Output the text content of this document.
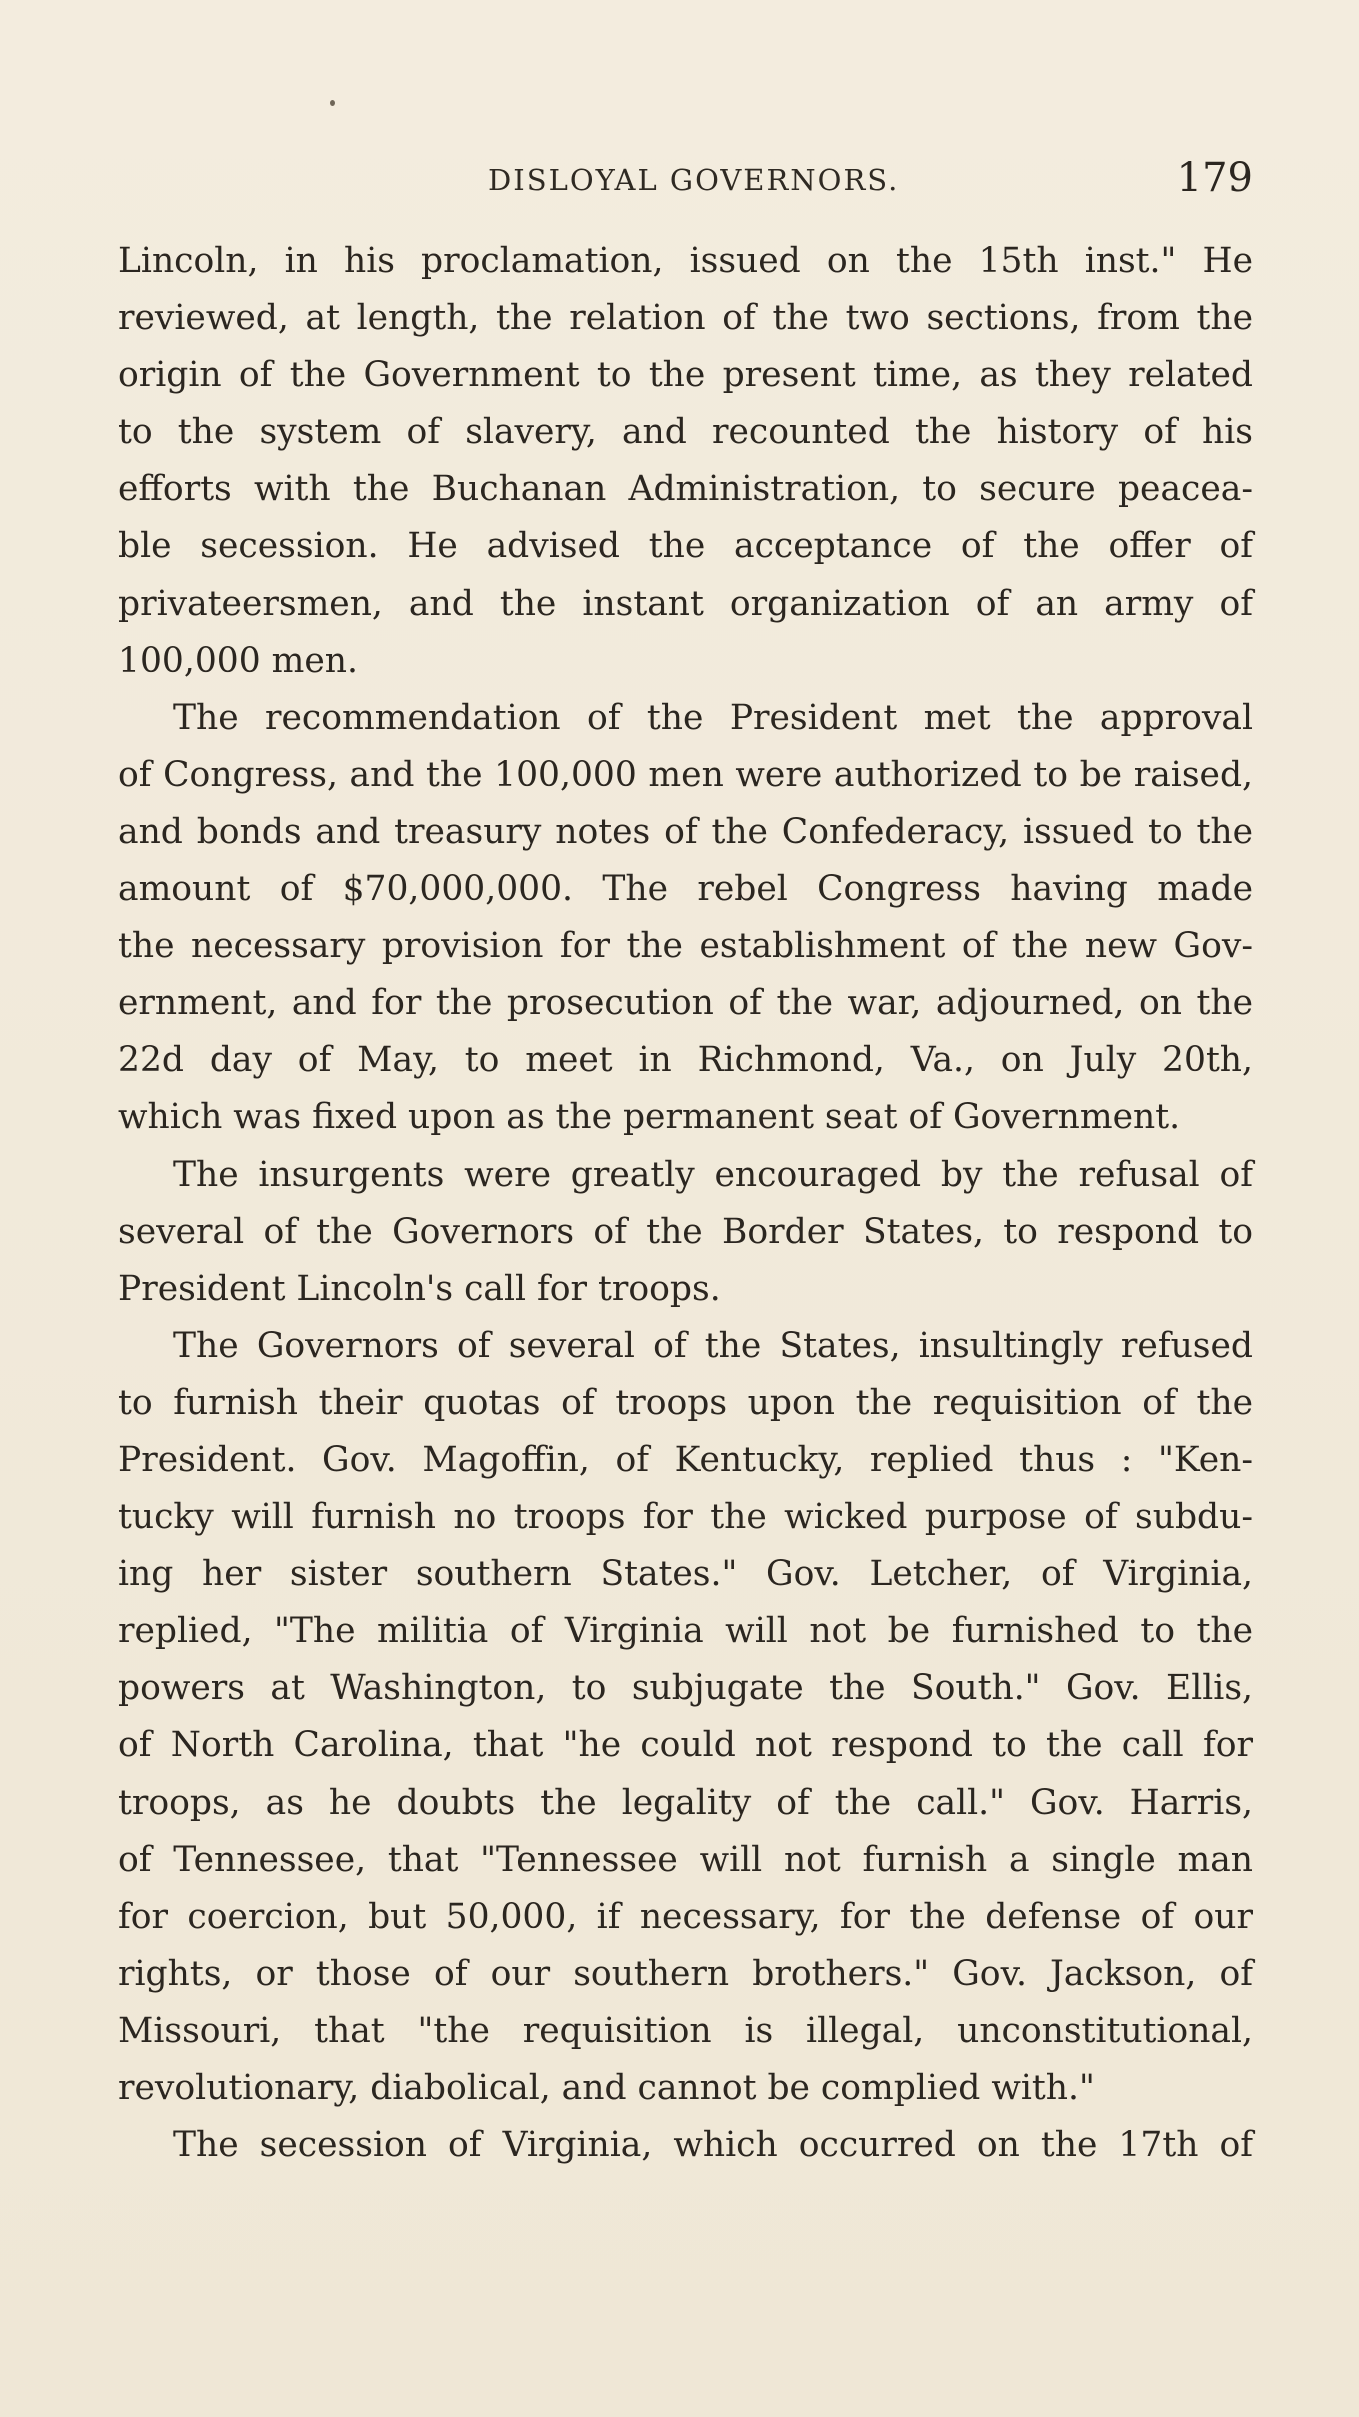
DISLOYAL GOVERNORS.	179
Lincoln, in his proclamation, issued on the 15th inst." He
reviewed, at length, the relation of the two sections, from the
origin of the Government to the present time, as they related
to the system of slavery, and recounted the history of his
efforts with the Buchanan Administration, to secure peacea-
ble secession. He advised the acceptance of the offer of
privateersmen, and the instant organization of an army of
100,000 men.
The recommendation of the President met the approval
of Congress, and the 100,000 men were authorized to be raised,
and bonds and treasury notes of the Confederacy, issued to the
amount of $70,000,000. The rebel Congress having made
the necessary provision for the establishment of the new Gov-
ernment, and for the prosecution of the war, adjourned, on the
22d day of May, to meet in Richmond, Va., on July 20th,
which was fixed upon as the permanent seat of Government.
The insurgents were greatly encouraged by the refusal of
several of the Governors of the Border States, to respond to
President Lincoln's call for troops.
The Governors of several of the States, insultingly refused
to furnish their quotas of troops upon the requisition of the
President. Gov. Magoffin, of Kentucky, replied thus : "Ken-
tucky will furnish no troops for the wicked purpose of subdu-
ing her sister southern States." Gov. Letcher, of Virginia,
replied, "The militia of Virginia will not be furnished to the
powers at Washington, to subjugate the South." Gov. Ellis,
of North Carolina, that "he could not respond to the call for
troops, as he doubts the legality of the call." Gov. Harris,
of Tennessee, that "Tennessee will not furnish a single man
for coercion, but 50,000, if necessary, for the defense of our
rights, or those of our southern brothers." Gov. Jackson, of
Missouri, that "the requisition is illegal, unconstitutional,
revolutionary, diabolical, and cannot be complied with."
The secession of Virginia, which occurred on the 17th of
